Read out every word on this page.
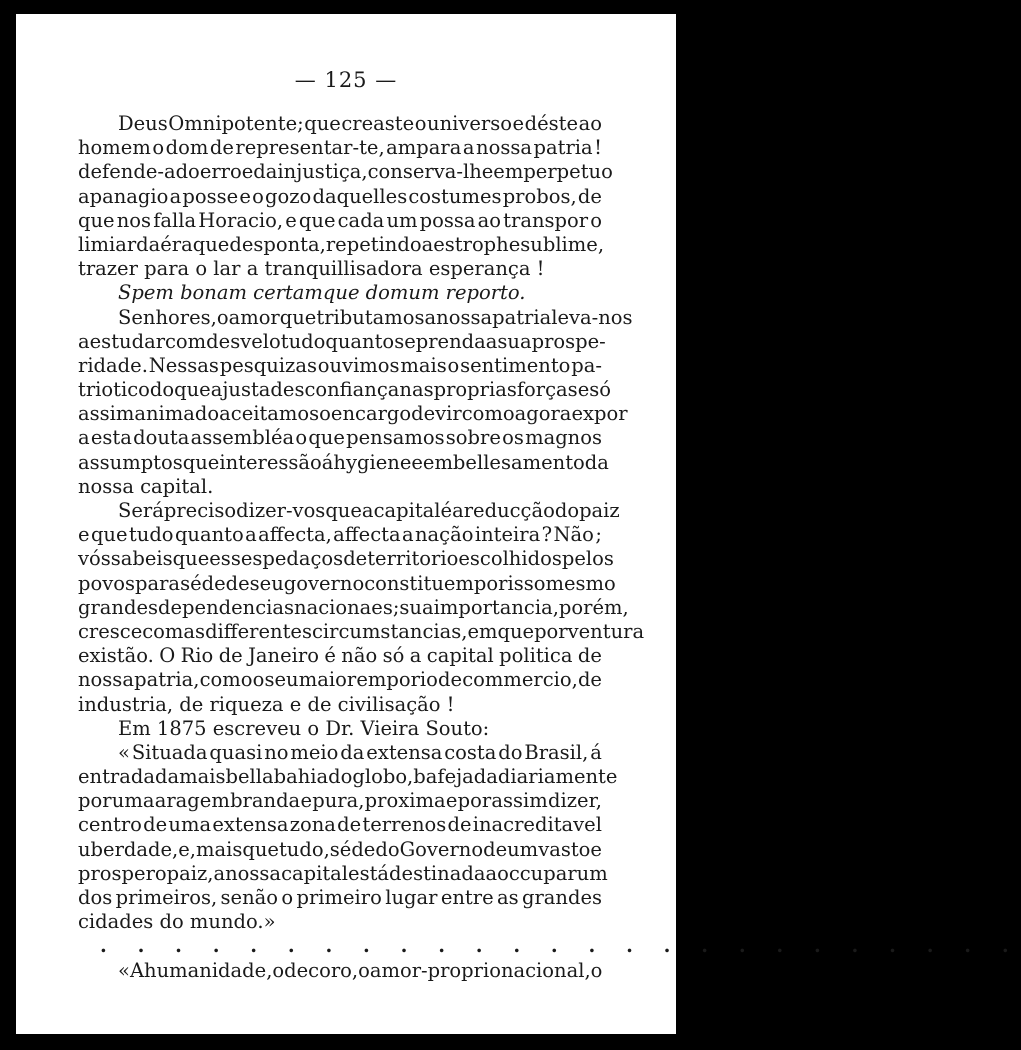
— 125 —
Deus Omnipotente; que creaste o universo e déste ao
homem o dom de representar-te, ampara a nossa patria !
defende-a do erro e da injustiça, conserva-lhe em perpetuo
apanagio a posse e o gozo daquelles costumes probos, de
que nos falla Horacio, e que cada um possa ao transpor o
limiar da éra que desponta, repetindo a estrophe sublime,
trazer para o lar a tranquillisadora esperança !
Spem bonam certamque domum reporto.
Senhores, o amor que tributamos a nossa patria leva-nos
a estudar com desvelo tudo quanto se prenda a sua prospe-
ridade. Nessas pesquizas ouvimos mais o sentimento pa-
triotico do que a justa desconfiança nas proprias forças e só
assim animado aceitamos o encargo de vir como agora expor
a esta douta assembléa o que pensamos sobre os magnos
assumptos que interessão á hygiene e embellesamento da
nossa capital.
Será preciso dizer-vos que a capital é a reducção do paiz
e que tudo quanto a affecta, affecta a nação inteira ? Não ;
vós sabeis que esses pedaços de territorio escolhidos pelos
povos para séde de seu governo constituem por isso mesmo
grandes dependencias nacionaes ; sua importancia, porém,
cresce com as differentes circumstancias, em que porventura
existão. O Rio de Janeiro é não só a capital politica de
nossa patria, como o seu maior emporio de commercio, de
industria, de riqueza e de civilisação !
Em 1875 escreveu o Dr. Vieira Souto:
« Situada quasi no meio da extensa costa do Brasil, á
entrada da mais bella bahia do globo, bafejada diariamente
por uma aragem branda e pura, proxima e por assim dizer,
centro de uma extensa zona de terrenos de inacreditavel
uberdade, e, mais que tudo, séde do Governo de um vasto e
prospero paiz, a nossa capital está destinada a occupar um
dos primeiros, senão o primeiro lugar entre as grandes
cidades do mundo.»
. . . . . . . . . . . . . . . . . . . . . . . . .
« A humanidade, o decoro, o amor-proprio nacional, o
